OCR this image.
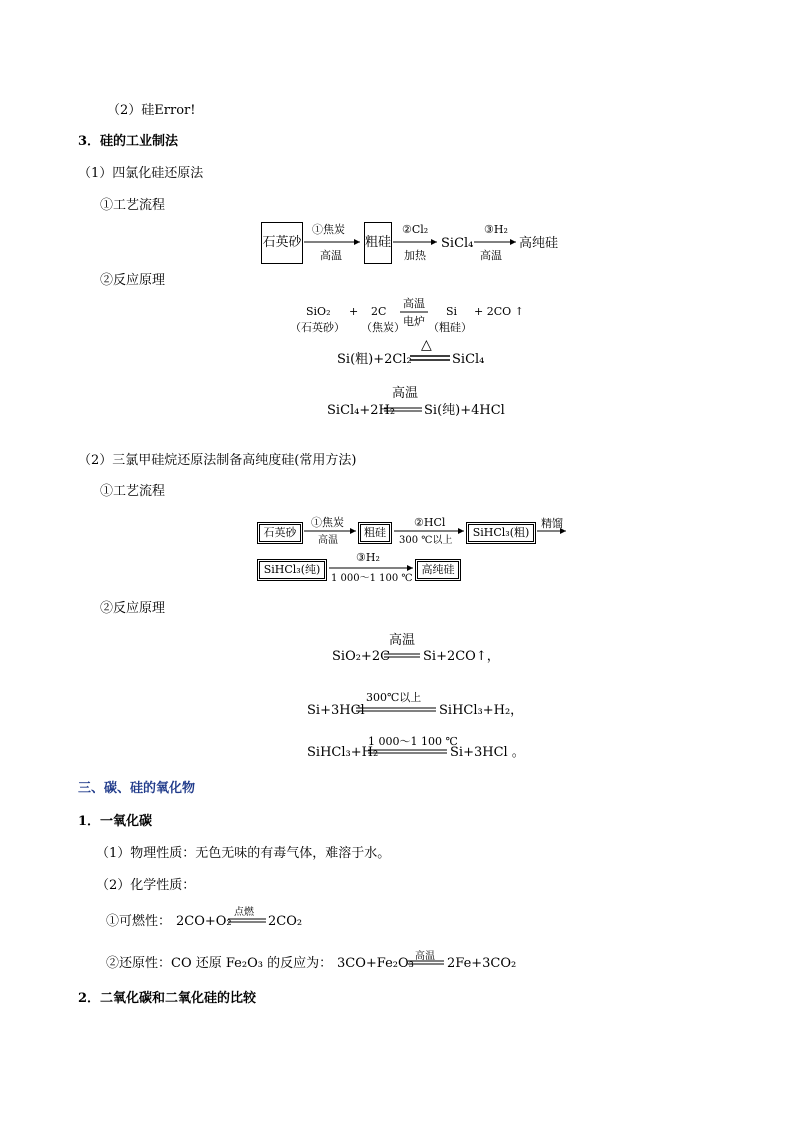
（2）硅Error!
3．硅的工业制法
（1）四氯化硅还原法
①工艺流程
石英砂
①焦炭
高温
粗硅
②Cl₂
加热
SiCl₄
③H₂
高温
高纯硅
②反应原理
SiO₂
（石英砂）
+ 2C
（焦炭）
高温
电炉
Si
（粗硅）
+ 2CO ↑
Si(粗)+2Cl₂
△
SiCl₄
SiCl₄+2H₂
高温
Si(纯)+4HCl
（2）三氯甲硅烷还原法制备高纯度硅(常用方法)
①工艺流程
石英砂
①焦炭
高温
粗硅
②HCl
300 ℃以上
SiHCl₃(粗)
精馏
SiHCl₃(纯)
③H₂
1 000～1 100 ℃
高纯硅
②反应原理
SiO₂+2C
高温
Si+2CO↑，
Si+3HCl
300℃以上
SiHCl₃+H₂，
SiHCl₃+H₂
1 000～1 100 ℃
Si+3HCl 。
三、碳、硅的氧化物
1．一氧化碳
（1）物理性质：无色无味的有毒气体，难溶于水。
（2）化学性质：
①可燃性： 2CO+O₂
点燃
2CO₂
②还原性：CO 还原 Fe₂O₃ 的反应为： 3CO+Fe₂O₃ 高温 2Fe+3CO₂
2．二氧化碳和二氧化硅的比较
